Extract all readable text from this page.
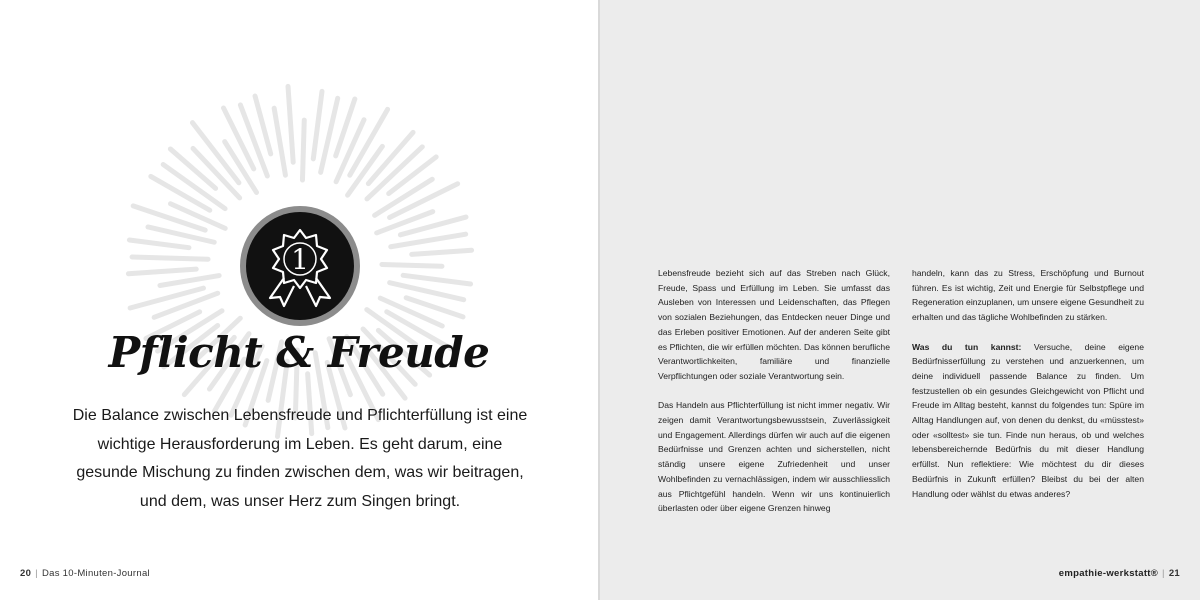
1
Pflicht & Freude
Die Balance zwischen Lebensfreude und Pflichterfüllung ist eine wichtige Herausforderung im Leben. Es geht darum, eine gesunde Mischung zu finden zwischen dem, was wir beitragen, und dem, was unser Herz zum Singen bringt.
20 | Das 10-Minuten-Journal

Lebensfreude bezieht sich auf das Streben nach Glück, Freude, Spass und Erfüllung im Leben. Sie umfasst das Ausleben von Interessen und Leidenschaften, das Pflegen von sozialen Beziehungen, das Entdecken neuer Dinge und das Erleben positiver Emotionen. Auf der anderen Seite gibt es Pflichten, die wir erfüllen möchten. Das können berufliche Verantwortlichkeiten, familiäre und finanzielle Verpflichtungen oder soziale Verantwortung sein.

Das Handeln aus Pflichterfüllung ist nicht immer negativ. Wir zeigen damit Verantwortungsbewusstsein, Zuverlässigkeit und Engagement. Allerdings dürfen wir auch auf die eigenen Bedürfnisse und Grenzen achten und sicherstellen, nicht ständig unsere eigene Zufriedenheit und unser Wohlbefinden zu vernachlässigen, indem wir ausschliesslich aus Pflichtgefühl handeln. Wenn wir uns kontinuierlich überlasten oder über eigene Grenzen hinweg

handeln, kann das zu Stress, Erschöpfung und Burnout führen. Es ist wichtig, Zeit und Energie für Selbstpflege und Regeneration einzuplanen, um unsere eigene Gesundheit zu erhalten und das tägliche Wohlbefinden zu stärken.

Was du tun kannst: Versuche, deine eigene Bedürfnisserfüllung zu verstehen und anzuerkennen, um deine individuell passende Balance zu finden. Um festzustellen ob ein gesundes Gleichgewicht von Pflicht und Freude im Alltag besteht, kannst du folgendes tun: Spüre im Alltag Handlungen auf, von denen du denkst, du «müsstest» oder «solltest» sie tun. Finde nun heraus, ob und welches lebensbereichernde Bedürfnis du mit dieser Handlung erfüllst. Nun reflektiere: Wie möchtest du dir dieses Bedürfnis in Zukunft erfüllen? Bleibst du bei der alten Handlung oder wählst du etwas anderes?

empathie-werkstatt® | 21
